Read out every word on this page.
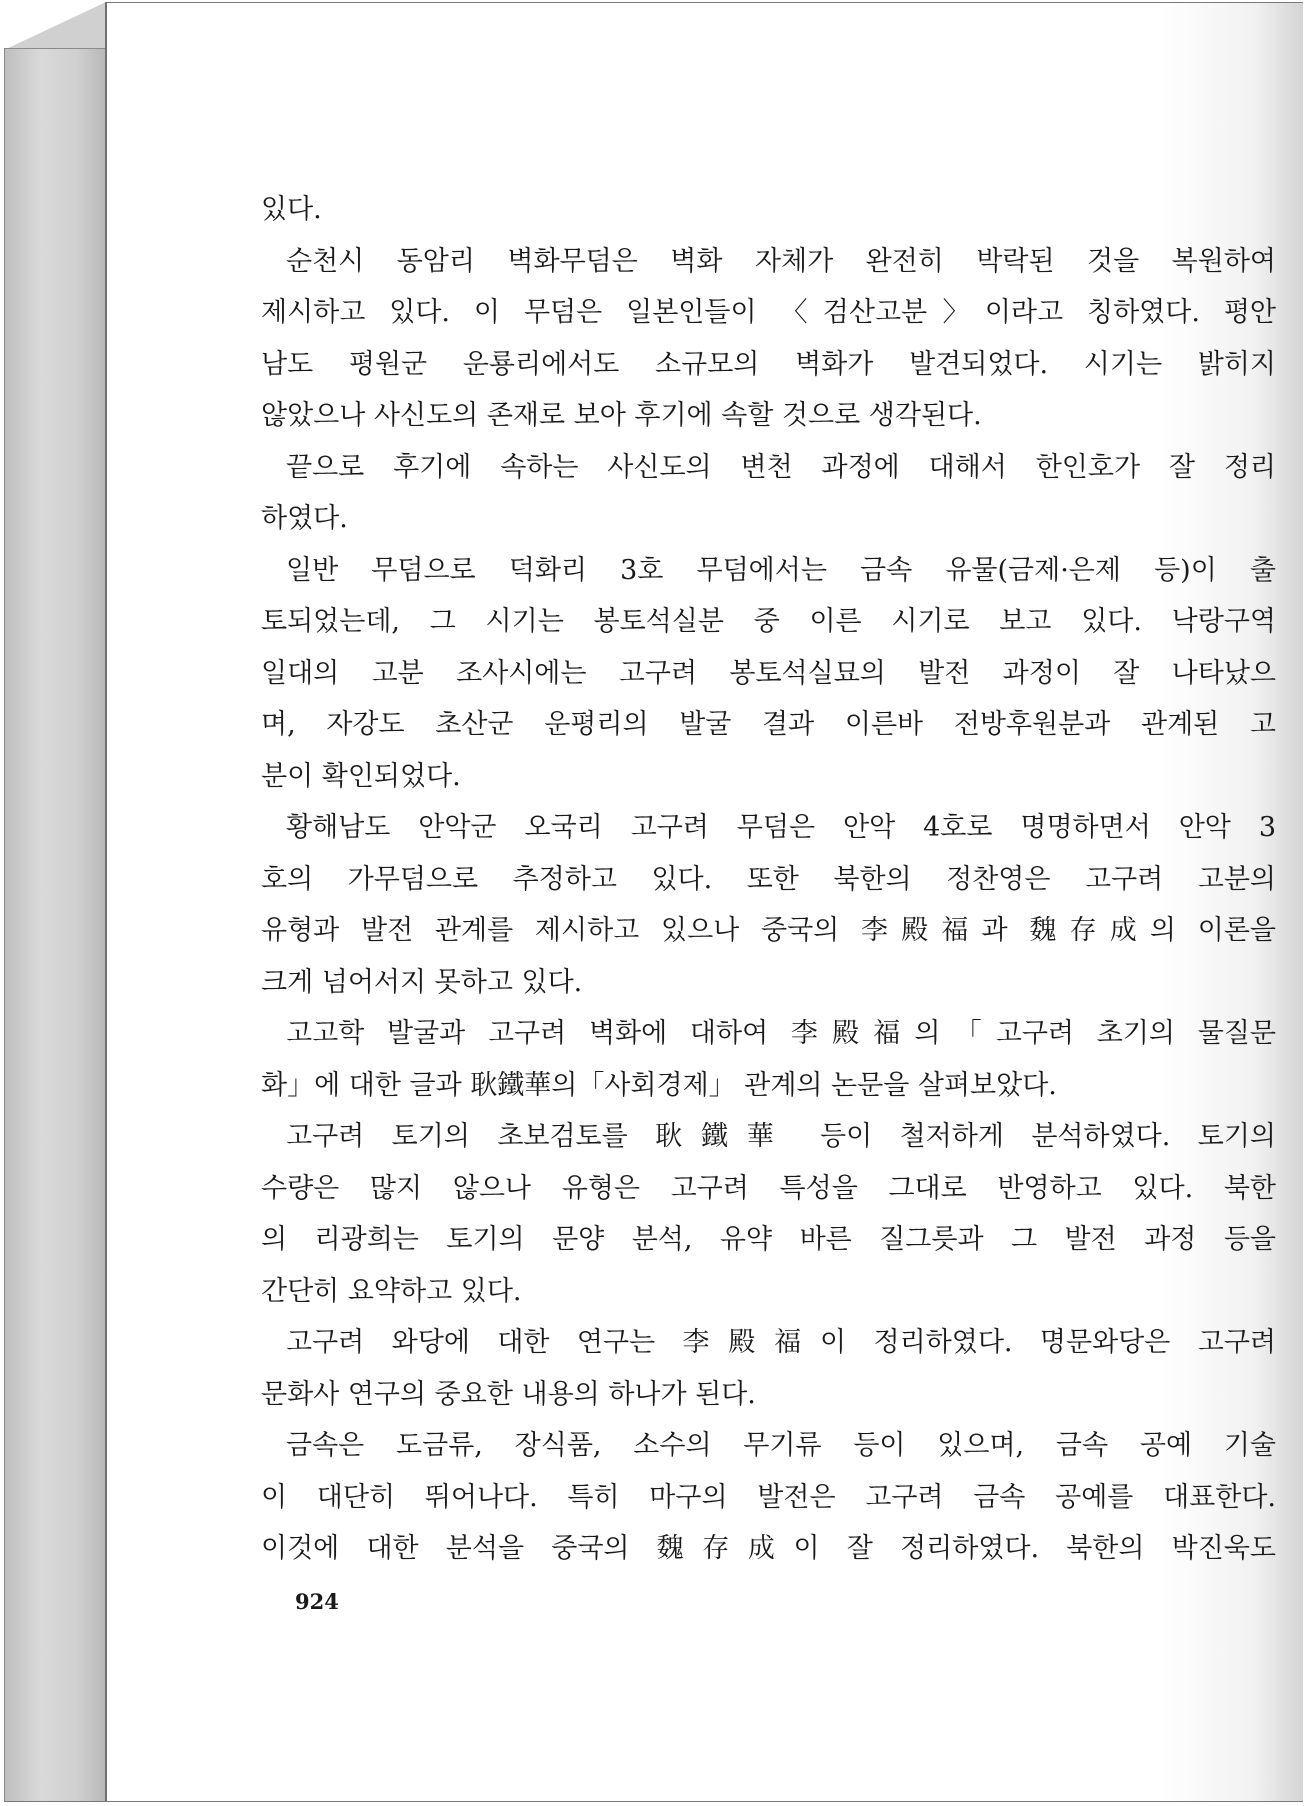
있다.
순천시 동암리 벽화무덤은 벽화 자체가 완전히 박락된 것을 복원하여
제시하고 있다. 이 무덤은 일본인들이 〈검산고분〉이라고 칭하였다. 평안
남도 평원군 운룡리에서도 소규모의 벽화가 발견되었다. 시기는 밝히지
않았으나 사신도의 존재로 보아 후기에 속할 것으로 생각된다.
끝으로 후기에 속하는 사신도의 변천 과정에 대해서 한인호가 잘 정리
하였다.
일반 무덤으로 덕화리 3호 무덤에서는 금속 유물(금제·은제 등)이 출
토되었는데, 그 시기는 봉토석실분 중 이른 시기로 보고 있다. 낙랑구역
일대의 고분 조사시에는 고구려 봉토석실묘의 발전 과정이 잘 나타났으
며, 자강도 초산군 운평리의 발굴 결과 이른바 전방후원분과 관계된 고
분이 확인되었다.
황해남도 안악군 오국리 고구려 무덤은 안악 4호로 명명하면서 안악 3
호의 가무덤으로 추정하고 있다. 또한 북한의 정찬영은 고구려 고분의
유형과 발전 관계를 제시하고 있으나 중국의 李殿福과 魏存成의 이론을
크게 넘어서지 못하고 있다.
고고학 발굴과 고구려 벽화에 대하여 李殿福의「고구려 초기의 물질문
화」에 대한 글과 耿鐵華의「사회경제」 관계의 논문을 살펴보았다.
고구려 토기의 초보검토를 耿鐵華 등이 철저하게 분석하였다. 토기의
수량은 많지 않으나 유형은 고구려 특성을 그대로 반영하고 있다. 북한
의 리광희는 토기의 문양 분석, 유약 바른 질그릇과 그 발전 과정 등을
간단히 요약하고 있다.
고구려 와당에 대한 연구는 李殿福이 정리하였다. 명문와당은 고구려
문화사 연구의 중요한 내용의 하나가 된다.
금속은 도금류, 장식품, 소수의 무기류 등이 있으며, 금속 공예 기술
이 대단히 뛰어나다. 특히 마구의 발전은 고구려 금속 공예를 대표한다.
이것에 대한 분석을 중국의 魏存成이 잘 정리하였다. 북한의 박진욱도
924
